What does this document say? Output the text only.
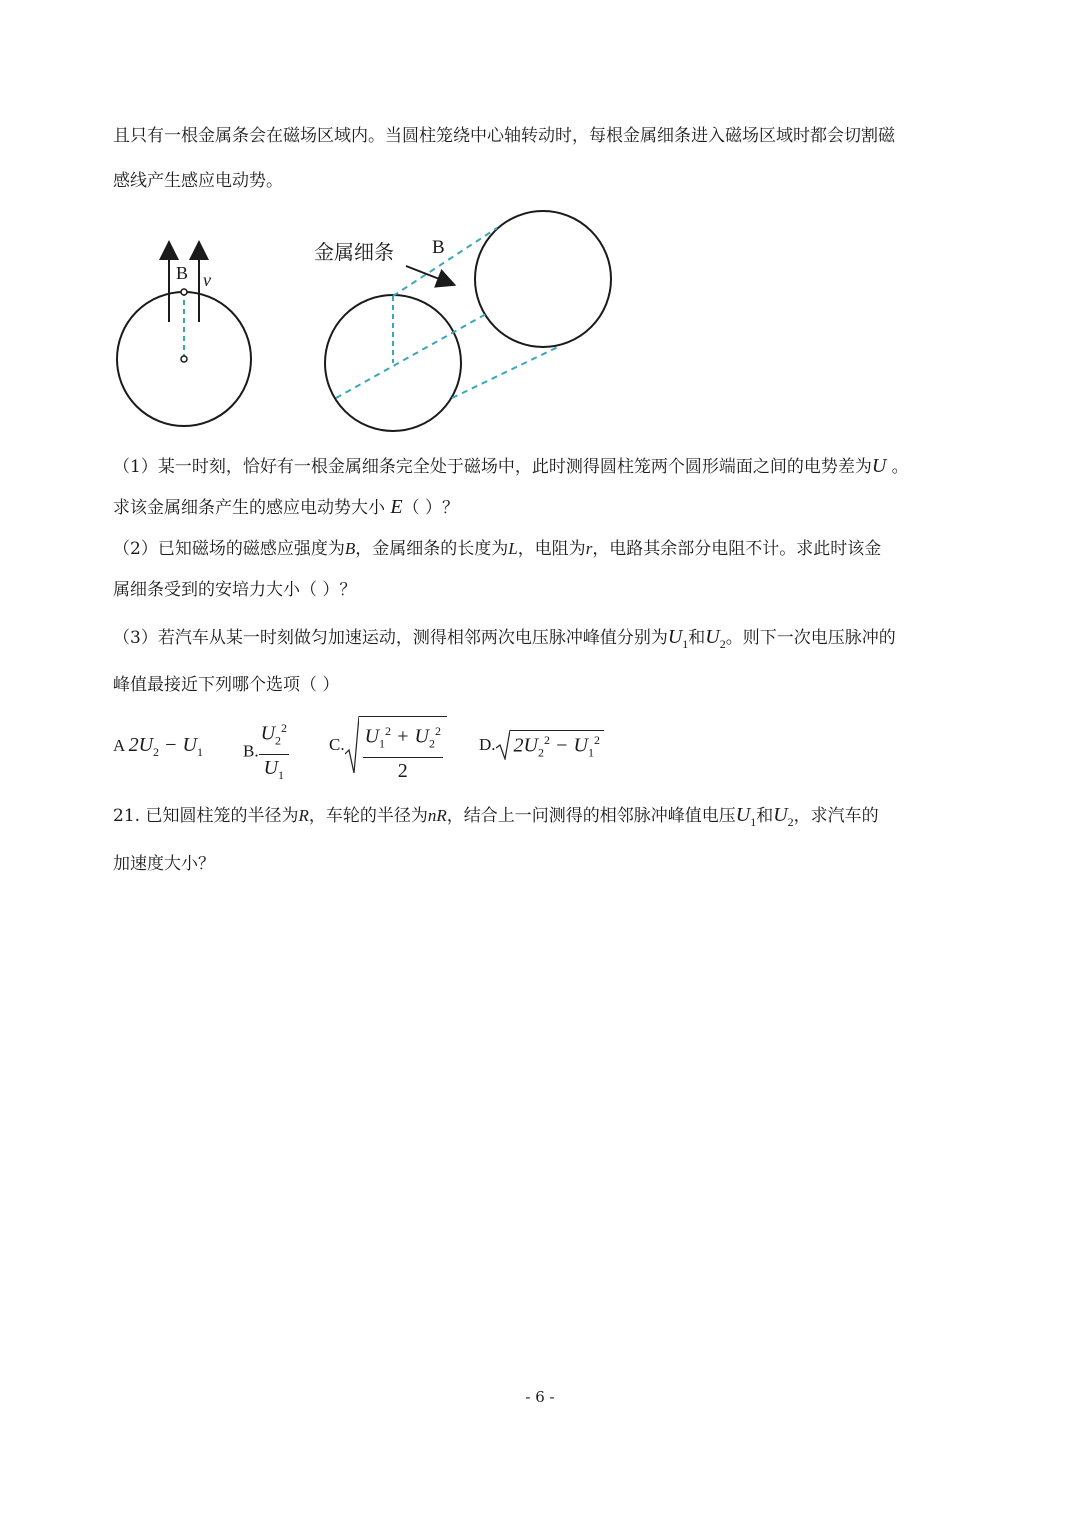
且只有一根金属条会在磁场区域内。当圆柱笼绕中心轴转动时，每根金属细条进入磁场区域时都会切割磁
感线产生感应电动势。
B v
金属细条 B
（1）某一时刻，恰好有一根金属细条完全处于磁场中，此时测得圆柱笼两个圆形端面之间的电势差为U 。
求该金属细条产生的感应电动势大小 E（ ）？
（2）已知磁场的磁感应强度为B，金属细条的长度为L，电阻为r，电路其余部分电阻不计。求此时该金
属细条受到的安培力大小（ ）？
（3）若汽车从某一时刻做匀加速运动，测得相邻两次电压脉冲峰值分别为$U_1$和$U_2$。则下一次电压脉冲的
峰值最接近下列哪个选项（ ）
A $2U_2 - U_1$ B. $\frac{U_2^2}{U_1} C$. $\frac{U_1^2 + U_2^2}{2} D$. $2U_2^2 - U_1^2$
21. 已知圆柱笼的半径为R，车轮的半径为nR，结合上一问测得的相邻脉冲峰值电压$U_1$和$U_2$，求汽车的
加速度大小？
- 6 -
